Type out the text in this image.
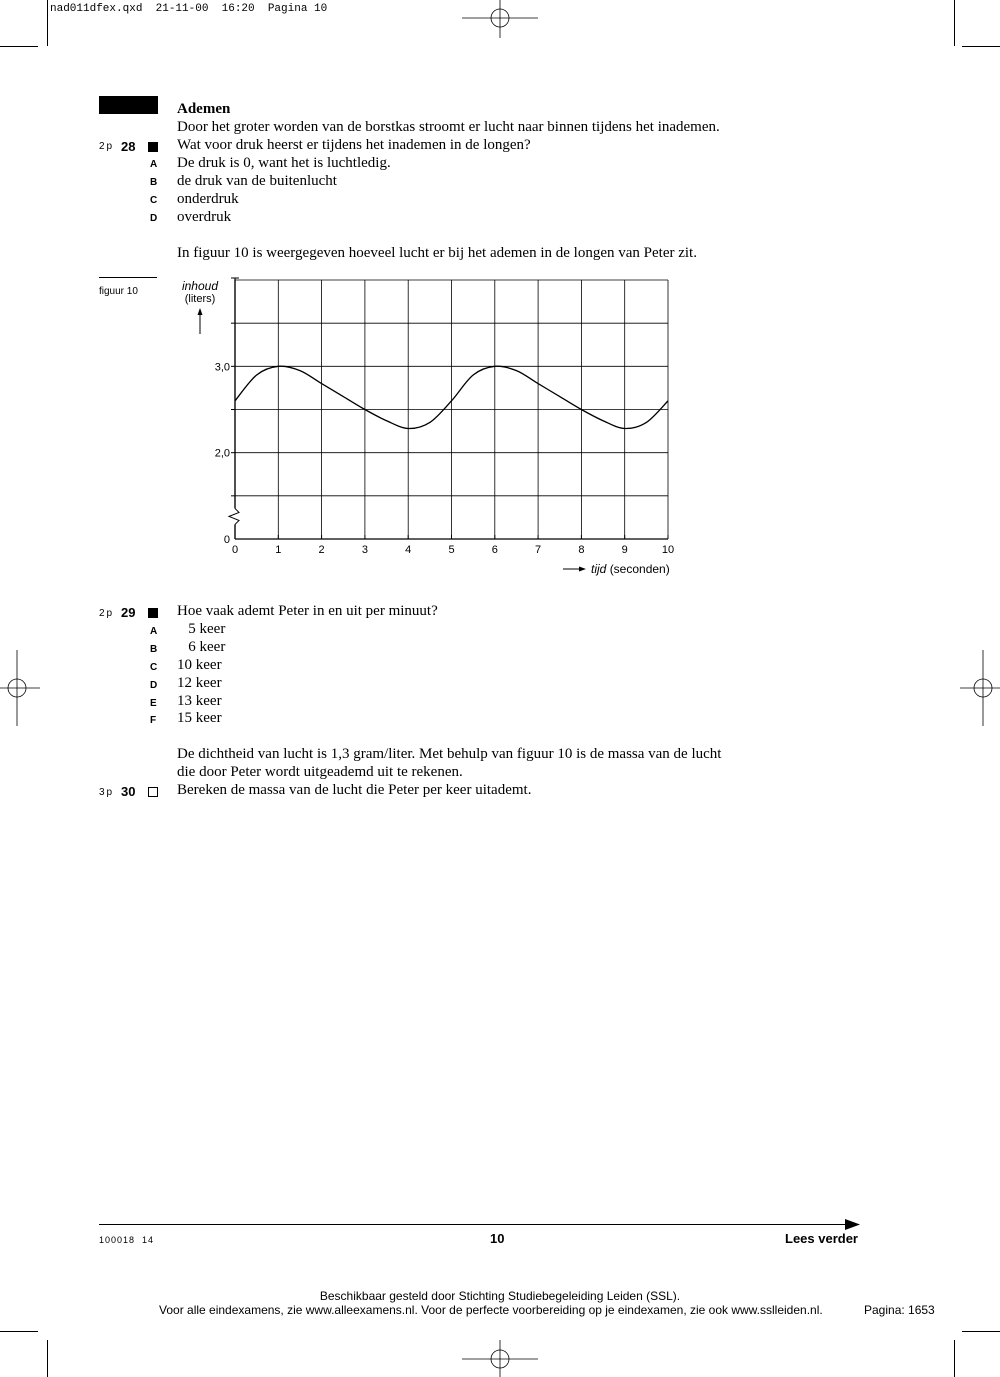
nad011dfex.qxd  21-11-00  16:20  Pagina 10
Ademen
Door het groter worden van de borstkas stroomt er lucht naar binnen tijdens het inademen.
2p 28	Wat voor druk heerst er tijdens het inademen in de longen?
A De druk is 0, want het is luchtledig.
B de druk van de buitenlucht
C onderdruk
D overdruk
In figuur 10 is weergegeven hoeveel lucht er bij het ademen in de longen van Peter zit.
figuur 10	inhoud
(liters)
0	1	2	3	4	5	6	7	8	9	10
3,0
2,0
0
tijd (seconden)
2p 29	Hoe vaak ademt Peter in en uit per minuut?
A   5 keer
B   6 keer
C 10 keer
D 12 keer
E 13 keer
F 15 keer
De dichtheid van lucht is 1,3 gram/liter. Met behulp van figuur 10 is de massa van de lucht
die door Peter wordt uitgeademd uit te rekenen.
3p 30	Bereken de massa van de lucht die Peter per keer uitademt.
100018  14	10	Lees verder
Beschikbaar gesteld door Stichting Studiebegeleiding Leiden (SSL).
Voor alle eindexamens, zie www.alleexamens.nl. Voor de perfecte voorbereiding op je eindexamen, zie ook www.sslleiden.nl.	Pagina: 1653
